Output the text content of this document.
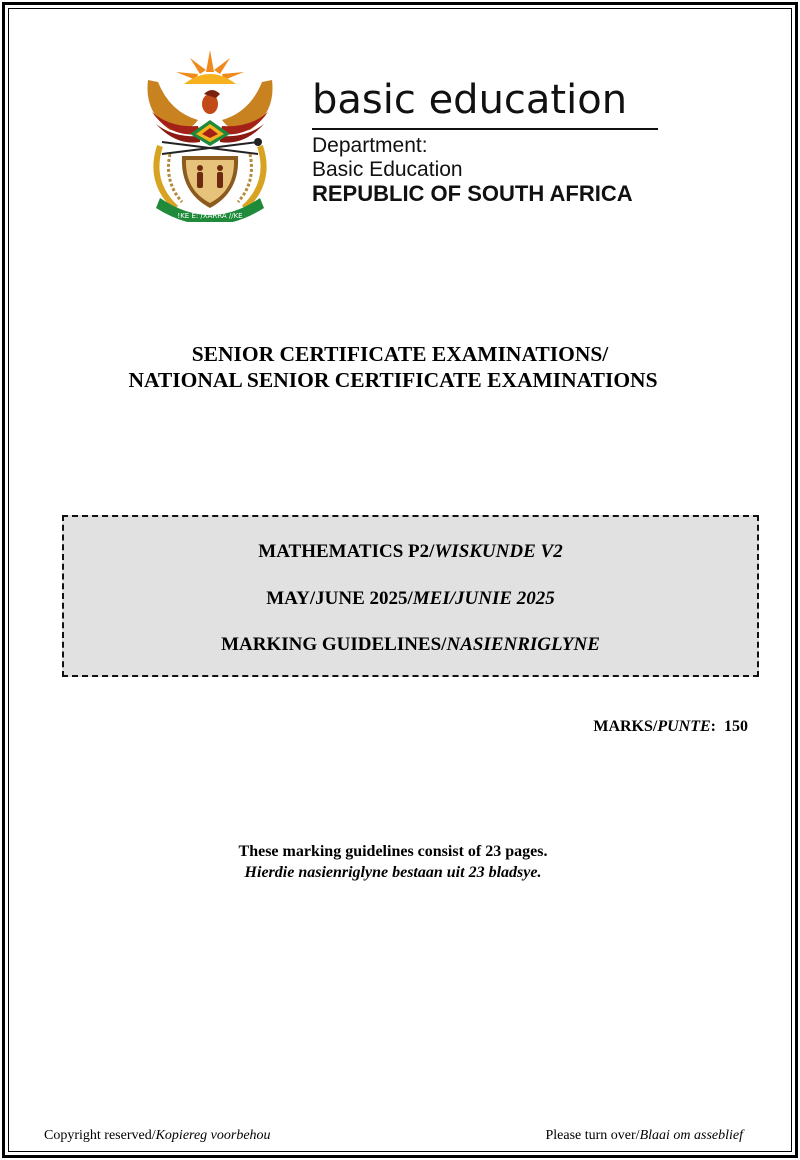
!KE E: /XARRA //KE
basic education
Department:
Basic Education
REPUBLIC OF SOUTH AFRICA
SENIOR CERTIFICATE EXAMINATIONS/
NATIONAL SENIOR CERTIFICATE EXAMINATIONS
MATHEMATICS P2/WISKUNDE V2
MAY/JUNE 2025/MEI/JUNIE 2025
MARKING GUIDELINES/NASIENRIGLYNE
MARKS/PUNTE: 150
These marking guidelines consist of 23 pages.
Hierdie nasienriglyne bestaan uit 23 bladsye.
Copyright reserved/Kopiereg voorbehou	Please turn over/Blaai om asseblief
